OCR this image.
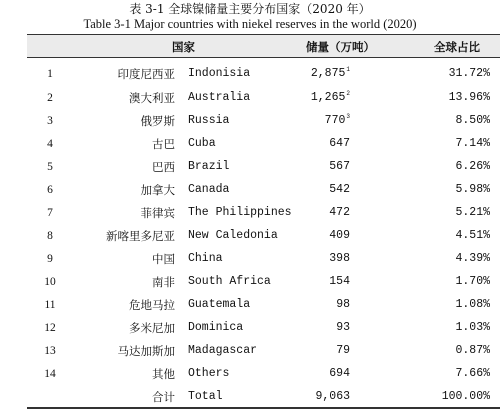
表 3-1 全球镍储量主要分布国家（2020 年）
Table 3-1 Major countries with niekel reserves in the world (2020)
国家	储量（万吨）	全球占比
1	印度尼西亚 Indonisia	2,875$^1$	31.72%
2	澳大利亚 Australia	1,265$^2$	13.96%
3	俄罗斯 Russia	$770^3$	8.50%
4	古巴 Cuba	647	7.14%
5	巴西 Brazil	567	6.26%
6	加拿大 Canada	542	5.98%
7	菲律宾 The Philippines	472	5.21%
8	新喀里多尼亚 New Caledonia	409	4.51%
9	中国 China	398	4.39%
10	南非 South Africa	154	1.70%
11	危地马拉 Guatemala	98	1.08%
12	多米尼加 Dominica	93	1.03%
13	马达加斯加 Madagascar	79	0.87%
14	其他 Others	694	7.66%
合计 Total	9,063	100.00%
